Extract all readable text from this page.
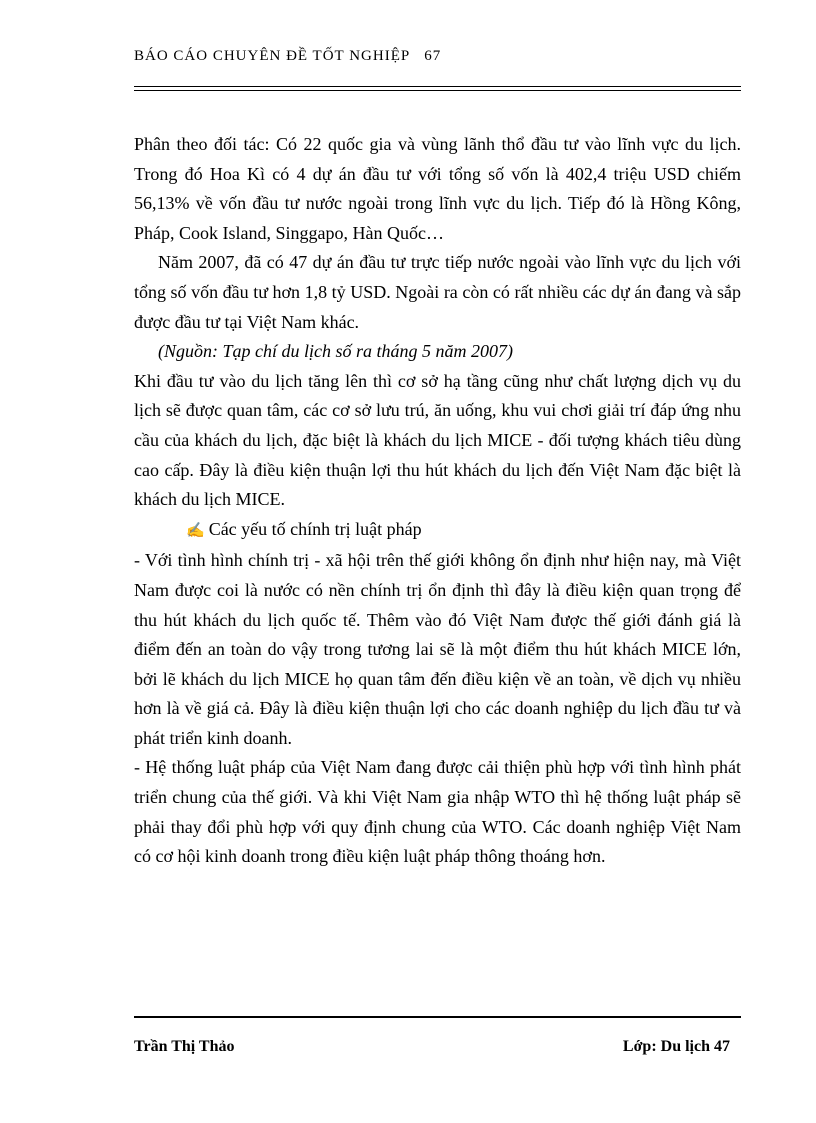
BÁO CÁO CHUYÊN ĐỀ TỐT NGHIỆP 67

Phân theo đối tác: Có 22 quốc gia và vùng lãnh thổ đầu tư vào lĩnh vực du lịch. Trong đó Hoa Kì có 4 dự án đầu tư với tổng số vốn là 402,4 triệu USD chiếm 56,13% về vốn đầu tư nước ngoài trong lĩnh vực du lịch. Tiếp đó là Hồng Kông, Pháp, Cook Island, Singgapo, Hàn Quốc…

Năm 2007, đã có 47 dự án đầu tư trực tiếp nước ngoài vào lĩnh vực du lịch với tổng số vốn đầu tư hơn 1,8 tỷ USD. Ngoài ra còn có rất nhiều các dự án đang và sắp được đầu tư tại Việt Nam khác.

(Nguồn: Tạp chí du lịch số ra tháng 5 năm 2007)

Khi đầu tư vào du lịch tăng lên thì cơ sở hạ tầng cũng như chất lượng dịch vụ du lịch sẽ được quan tâm, các cơ sở lưu trú, ăn uống, khu vui chơi giải trí đáp ứng nhu cầu của khách du lịch, đặc biệt là khách du lịch MICE - đối tượng khách tiêu dùng cao cấp. Đây là điều kiện thuận lợi thu hút khách du lịch đến Việt Nam đặc biệt là khách du lịch MICE.

✍ Các yếu tố chính trị luật pháp

- Với tình hình chính trị - xã hội trên thế giới không ổn định như hiện nay, mà Việt Nam được coi là nước có nền chính trị ổn định thì đây là điều kiện quan trọng để thu hút khách du lịch quốc tế. Thêm vào đó Việt Nam được thế giới đánh giá là điểm đến an toàn do vậy trong tương lai sẽ là một điểm thu hút khách MICE lớn, bởi lẽ khách du lịch MICE họ quan tâm đến điều kiện về an toàn, về dịch vụ nhiều hơn là về giá cả. Đây là điều kiện thuận lợi cho các doanh nghiệp du lịch đầu tư và phát triển kinh doanh.

- Hệ thống luật pháp của Việt Nam đang được cải thiện phù hợp với tình hình phát triển chung của thế giới. Và khi Việt Nam gia nhập WTO thì hệ thống luật pháp sẽ phải thay đổi phù hợp với quy định chung của WTO. Các doanh nghiệp Việt Nam có cơ hội kinh doanh trong điều kiện luật pháp thông thoáng hơn.

Trần Thị Thảo	Lớp: Du lịch 47
